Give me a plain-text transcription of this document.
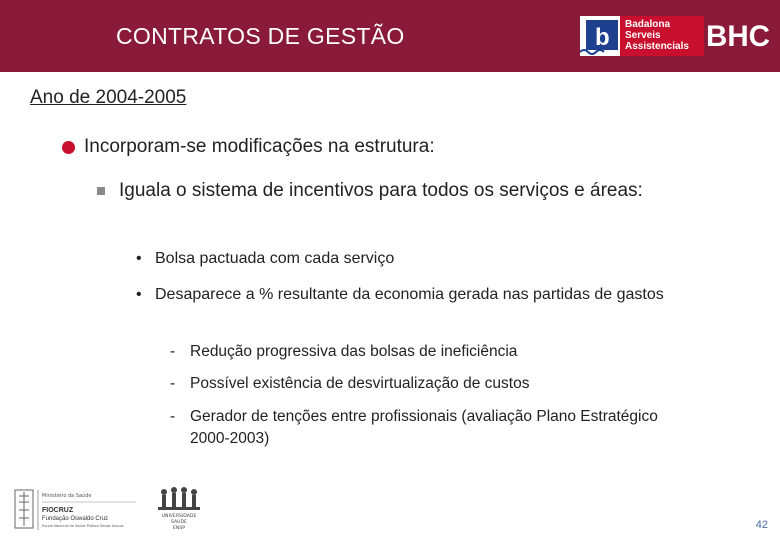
CONTRATOS DE GESTÃO	b Badalona
Serveis
Assistencials BHC
Ano de 2004-2005
Incorporam-se modificações na estrutura:
Iguala o sistema de incentivos para todos os serviços e áreas:
• Bolsa pactuada com cada serviço
• Desaparece a % resultante da economia gerada nas partidas de gastos
- Redução progressiva das bolsas de ineficiência
- Possível existência de desvirtualização de custos
- Gerador de tenções entre profissionais (avaliação Plano Estratégico 2000-2003)
Ministério da Saúde
FIOCRUZ
Fundação Oswaldo Cruz
Escola Nacional de Saúde Pública Sergio Arouca
UNIVERSIDADE
SAUDE
ENSP	42
